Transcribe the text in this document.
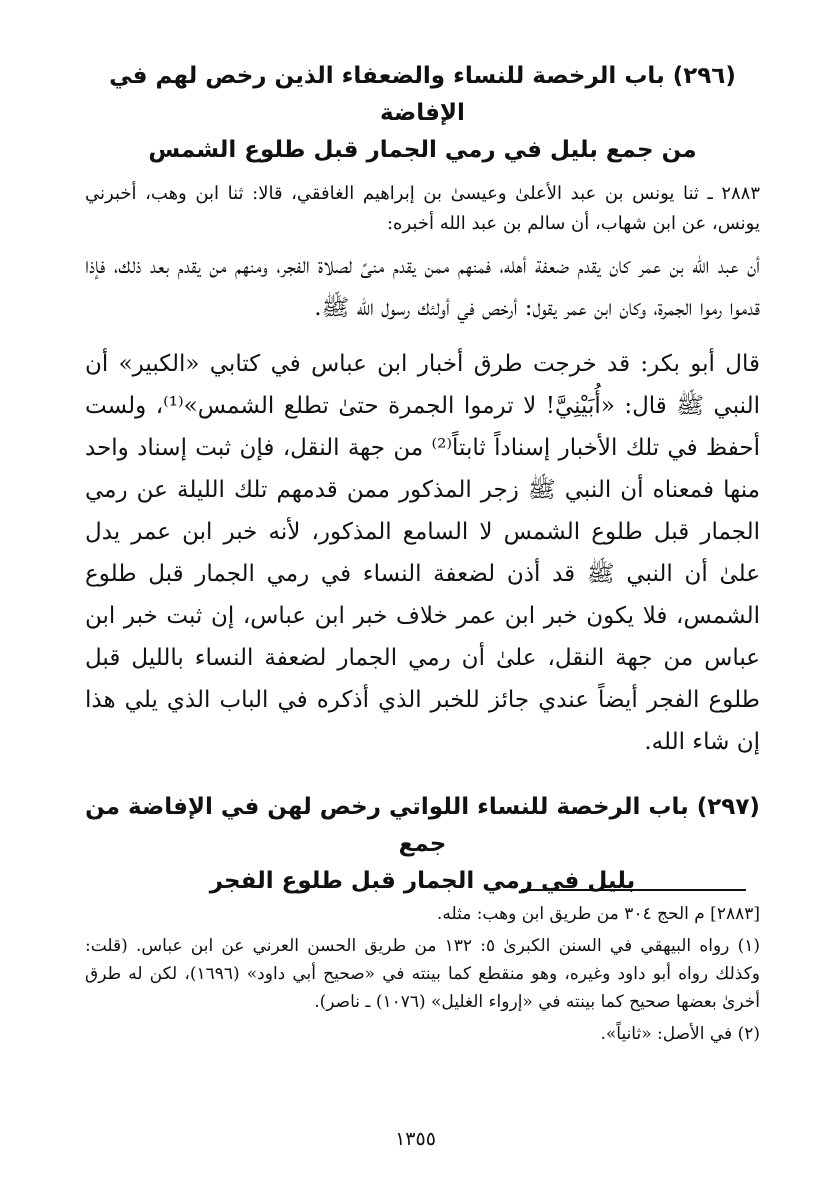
(٢٩٦) باب الرخصة للنساء والضعفاء الذين رخص لهم في الإفاضة
من جمع بليل في رمي الجمار قبل طلوع الشمس

٢٨٨٣ ـ ثنا يونس بن عبد الأعلىٰ وعيسىٰ بن إبراهيم الغافقي، قالا: ثنا ابن وهب، أخبرني يونس، عن ابن شهاب، أن سالم بن عبد الله أخبره:

أن عبد الله بن عمر كان يقدم ضعفة أهله، فمنهم ممن يقدم منىً لصلاة الفجر، ومنهم من يقدم بعد ذلك، فإذا قدموا رموا الجمرة، وكان ابن عمر يقول: أرخص في أولئك رسول الله ﷺ.

قال أبو بكر: قد خرجت طرق أخبار ابن عباس في كتابي «الكبير» أن النبي ﷺ قال: «أُبَيْنِيَّ! لا ترموا الجمرة حتىٰ تطلع الشمس»⁽¹⁾، ولست أحفظ في تلك الأخبار إسناداً ثابتاً⁽²⁾ من جهة النقل، فإن ثبت إسناد واحد منها فمعناه أن النبي ﷺ زجر المذكور ممن قدمهم تلك الليلة عن رمي الجمار قبل طلوع الشمس لا السامع المذكور، لأنه خبر ابن عمر يدل علىٰ أن النبي ﷺ قد أذن لضعفة النساء في رمي الجمار قبل طلوع الشمس، فلا يكون خبر ابن عمر خلاف خبر ابن عباس، إن ثبت خبر ابن عباس من جهة النقل، علىٰ أن رمي الجمار لضعفة النساء بالليل قبل طلوع الفجر أيضاً عندي جائز للخبر الذي أذكره في الباب الذي يلي هذا إن شاء الله.

(٢٩٧) باب الرخصة للنساء اللواتي رخص لهن في الإفاضة من جمع
بليل في رمي الجمار قبل طلوع الفجر

[٢٨٨٣] م الحج ٣٠٤ من طريق ابن وهب: مثله.

(١) رواه البيهقي في السنن الكبرىٰ ٥: ١٣٢ من طريق الحسن العرني عن ابن عباس. (قلت: وكذلك رواه أبو داود وغيره، وهو منقطع كما بينته في «صحيح أبي داود» (١٦٩٦)، لكن له طرق أخرىٰ بعضها صحيح كما بينته في «إرواء الغليل» (١٠٧٦) ـ ناصر).

(٢) في الأصل: «ثانياً».

١٣٥٥
